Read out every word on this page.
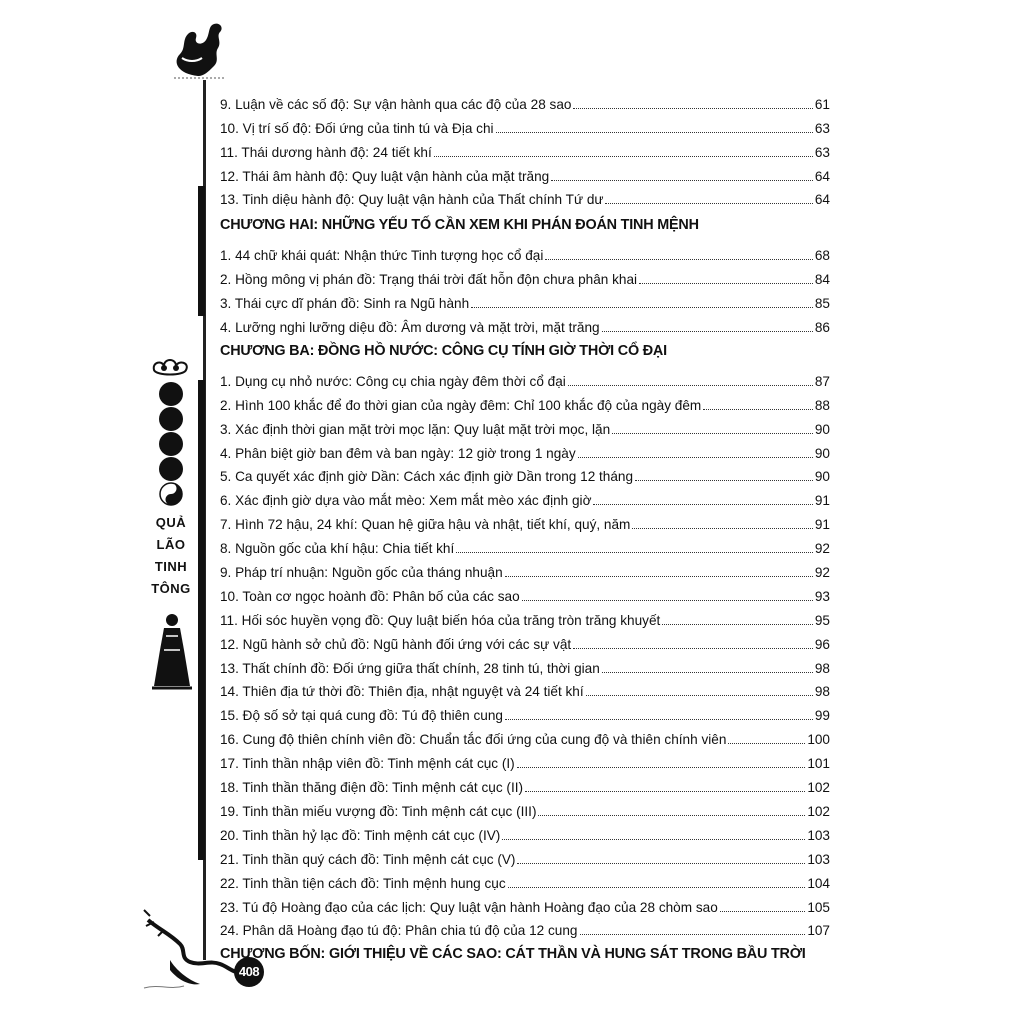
QUẢ
LÃO
TINH
TÔNG
408
9. Luận về các số độ: Sự vận hành qua các độ của 28 sao	61
10. Vị trí số độ: Đối ứng của tinh tú và Địa chi	63
11. Thái dương hành độ: 24 tiết khí	63
12. Thái âm hành độ: Quy luật vận hành của mặt trăng	64
13. Tinh diệu hành độ: Quy luật vận hành của Thất chính Tứ dư	64
CHƯƠNG HAI: NHỮNG YẾU TỐ CẦN XEM KHI PHÁN ĐOÁN TINH MỆNH
1. 44 chữ khái quát: Nhận thức Tinh tượng học cổ đại	68
2. Hồng mông vị phán đồ: Trạng thái trời đất hỗn độn chưa phân khai	84
3. Thái cực dĩ phán đồ: Sinh ra Ngũ hành	85
4. Lưỡng nghi lưỡng diệu đồ: Âm dương và mặt trời, mặt trăng	86
CHƯƠNG BA: ĐỒNG HỒ NƯỚC: CÔNG CỤ TÍNH GIỜ THỜI CỔ ĐẠI
1. Dụng cụ nhỏ nước: Công cụ chia ngày đêm thời cổ đại	87
2. Hình 100 khắc để đo thời gian của ngày đêm: Chỉ 100 khắc độ của ngày đêm	88
3. Xác định thời gian mặt trời mọc lặn: Quy luật mặt trời mọc, lặn	90
4. Phân biệt giờ ban đêm và ban ngày: 12 giờ trong 1 ngày	90
5. Ca quyết xác định giờ Dần: Cách xác định giờ Dần trong 12 tháng	90
6. Xác định giờ dựa vào mắt mèo: Xem mắt mèo xác định giờ	91
7. Hình 72 hậu, 24 khí: Quan hệ giữa hậu và nhật, tiết khí, quý, năm	91
8. Nguồn gốc của khí hậu: Chia tiết khí	92
9. Pháp trí nhuận: Nguồn gốc của tháng nhuận	92
10. Toàn cơ ngọc hoành đồ: Phân bố của các sao	93
11. Hối sóc huyền vọng đồ: Quy luật biến hóa của trăng tròn trăng khuyết	95
12. Ngũ hành sở chủ đồ: Ngũ hành đối ứng với các sự vật	96
13. Thất chính đồ: Đối ứng giữa thất chính, 28 tinh tú, thời gian	98
14. Thiên địa tứ thời đồ: Thiên địa, nhật nguyệt và 24 tiết khí	98
15. Độ số sở tại quá cung đồ: Tú độ thiên cung	99
16. Cung độ thiên chính viên đồ: Chuẩn tắc đối ứng của cung độ và thiên chính viên	100
17. Tinh thần nhập viên đồ: Tinh mệnh cát cục (I)	101
18. Tinh thần thăng điện đồ: Tinh mệnh cát cục (II)	102
19. Tinh thần miếu vượng đồ: Tinh mệnh cát cục (III)	102
20. Tinh thần hỷ lạc đồ: Tinh mệnh cát cục (IV)	103
21. Tinh thần quý cách đồ: Tinh mệnh cát cục (V)	103
22. Tinh thần tiện cách đồ: Tinh mệnh hung cục	104
23. Tú độ Hoàng đạo của các lịch: Quy luật vận hành Hoàng đạo của 28 chòm sao	105
24. Phân dã Hoàng đạo tú độ: Phân chia tú độ của 12 cung	107
CHƯƠNG BỐN: GIỚI THIỆU VỀ CÁC SAO: CÁT THẦN VÀ HUNG SÁT TRONG BẦU TRỜI
